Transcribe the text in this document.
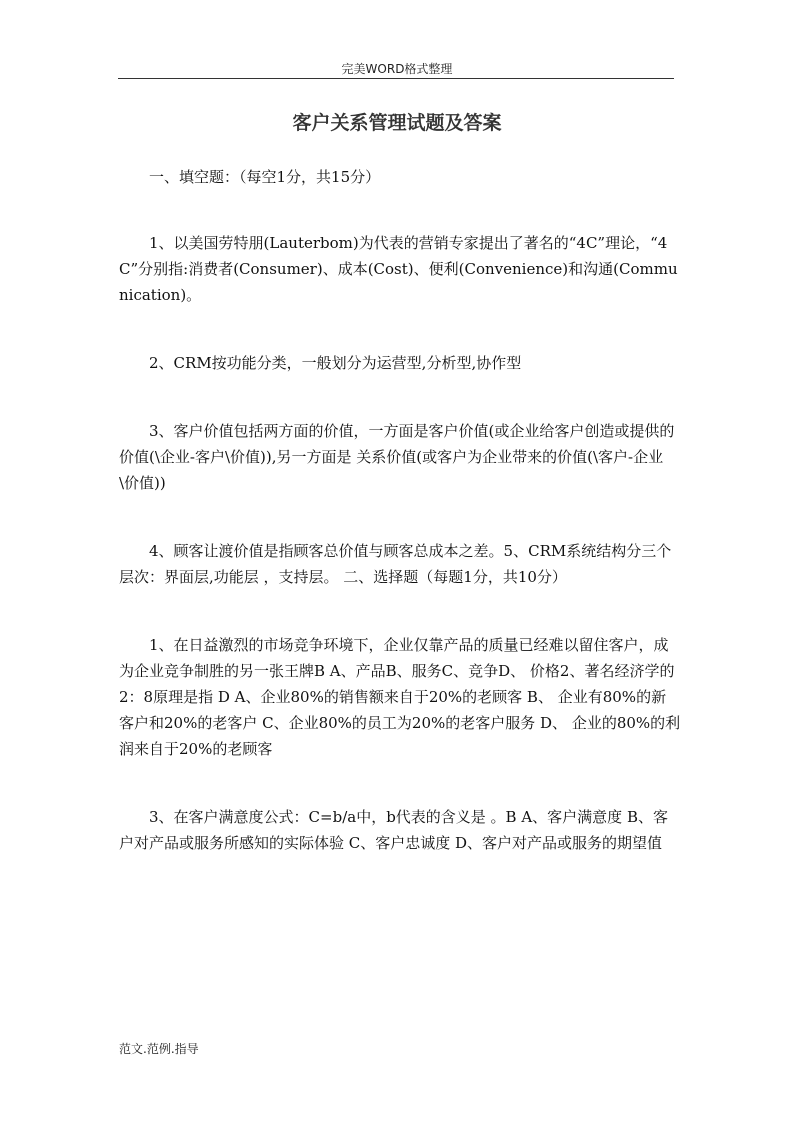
完美WORD格式整理
客户关系管理试题及答案

一、填空题：（每空1分，共15分）

1、以美国劳特朋(Lauterbom)为代表的营销专家提出了著名的“4C”理论，“4C”分别指:消费者(Consumer)、成本(Cost)、便利(Convenience)和沟通(Communication)。

2、CRM按功能分类，一般划分为运营型,分析型,协作型

3、客户价值包括两方面的价值，一方面是客户价值(或企业给客户创造或提供的价值(\企业-客户\价值)),另一方面是 关系价值(或客户为企业带来的价值(\客户-企业\价值))

4、顾客让渡价值是指顾客总价值与顾客总成本之差。5、CRM系统结构分三个层次：界面层,功能层 ，支持层。 二、选择题（每题1分，共10分）

1、在日益激烈的市场竞争环境下，企业仅靠产品的质量已经难以留住客户，成为企业竞争制胜的另一张王牌B A、产品B、服务C、竞争D、 价格2、著名经济学的2：8原理是指 D A、企业80%的销售额来自于20%的老顾客 B、 企业有80%的新客户和20%的老客户 C、企业80%的员工为20%的老客户服务 D、 企业的80%的利润来自于20%的老顾客

3、在客户满意度公式：C=b/a中，b代表的含义是 。B A、客户满意度 B、客户对产品或服务所感知的实际体验 C、客户忠诚度 D、客户对产品或服务的期望值

范文.范例.指导
